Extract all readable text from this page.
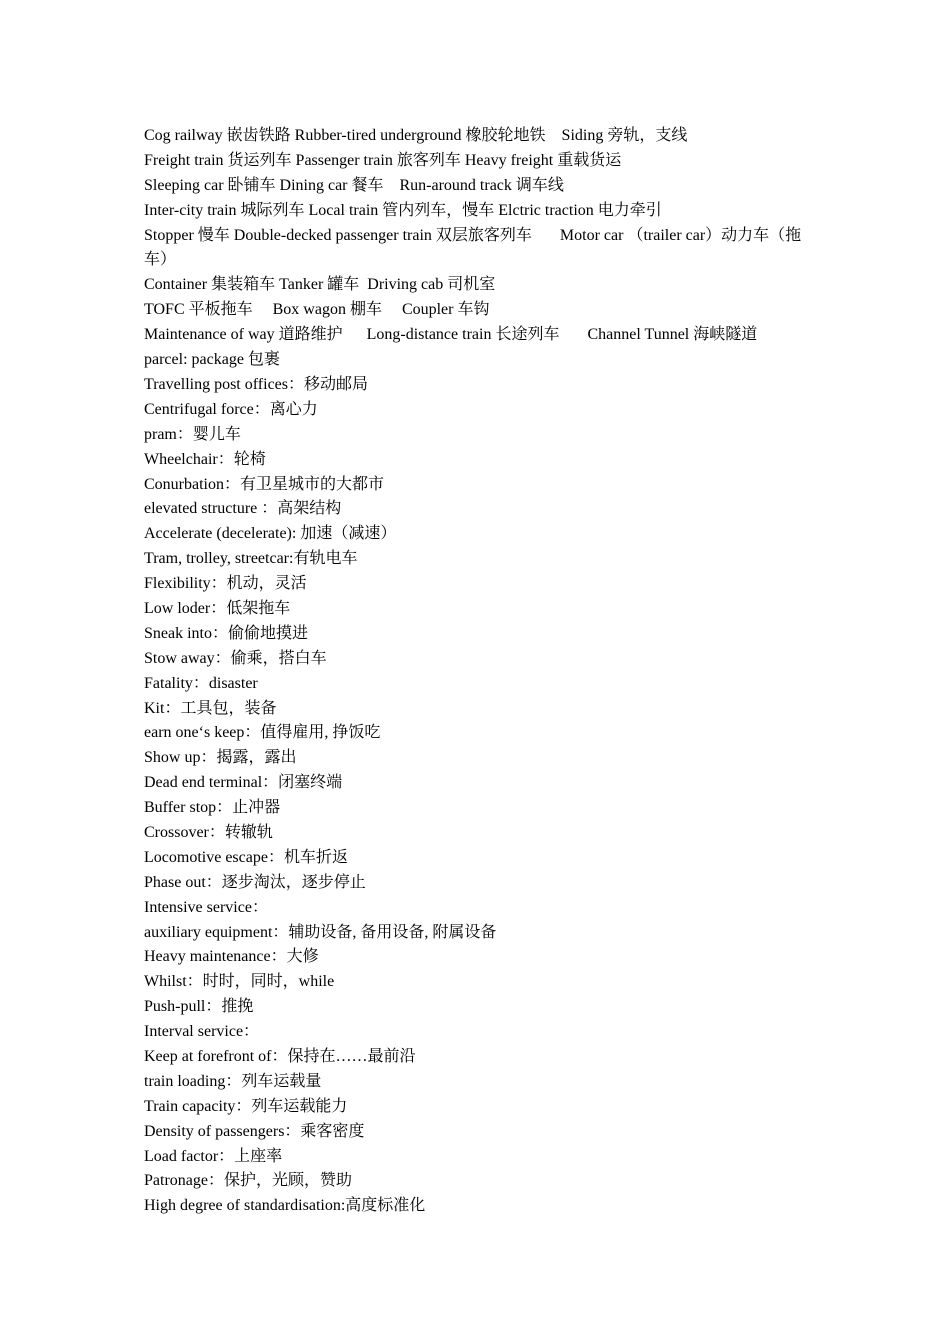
Cog railway 嵌齿铁路 Rubber-tired underground 橡胶轮地铁    Siding 旁轨，支线
Freight train 货运列车 Passenger train 旅客列车 Heavy freight 重载货运
Sleeping car 卧铺车 Dining car 餐车    Run-around track 调车线
Inter-city train 城际列车 Local train 管内列车，慢车 Elctric traction 电力牵引
Stopper 慢车 Double-decked passenger train 双层旅客列车       Motor car （trailer car）动力车（拖车）
Container 集装箱车 Tanker 罐车  Driving cab 司机室
TOFC 平板拖车     Box wagon 棚车     Coupler 车钩
Maintenance of way 道路维护      Long-distance train 长途列车       Channel Tunnel 海峡隧道
parcel: package 包裹
Travelling post offices：移动邮局
Centrifugal force：离心力
pram：婴儿车
Wheelchair：轮椅
Conurbation：有卫星城市的大都市
elevated structure ：高架结构
Accelerate (decelerate): 加速（减速）
Tram, trolley, streetcar:有轨电车
Flexibility：机动，灵活
Low loder：低架拖车
Sneak into：偷偷地摸进
Stow away：偷乘，搭白车
Fatality：disaster
Kit：工具包，装备
earn one‘s keep：值得雇用, 挣饭吃
Show up：揭露，露出
Dead end terminal：闭塞终端
Buffer stop：止冲器
Crossover：转辙轨
Locomotive escape：机车折返
Phase out：逐步淘汰，逐步停止
Intensive service：
auxiliary equipment：辅助设备, 备用设备, 附属设备
Heavy maintenance：大修
Whilst：时时，同时，while
Push-pull：推挽
Interval service：
Keep at forefront of：保持在……最前沿
train loading：列车运载量
Train capacity：列车运载能力
Density of passengers：乘客密度
Load factor：上座率
Patronage：保护，光顾，赞助
High degree of standardisation:高度标准化
